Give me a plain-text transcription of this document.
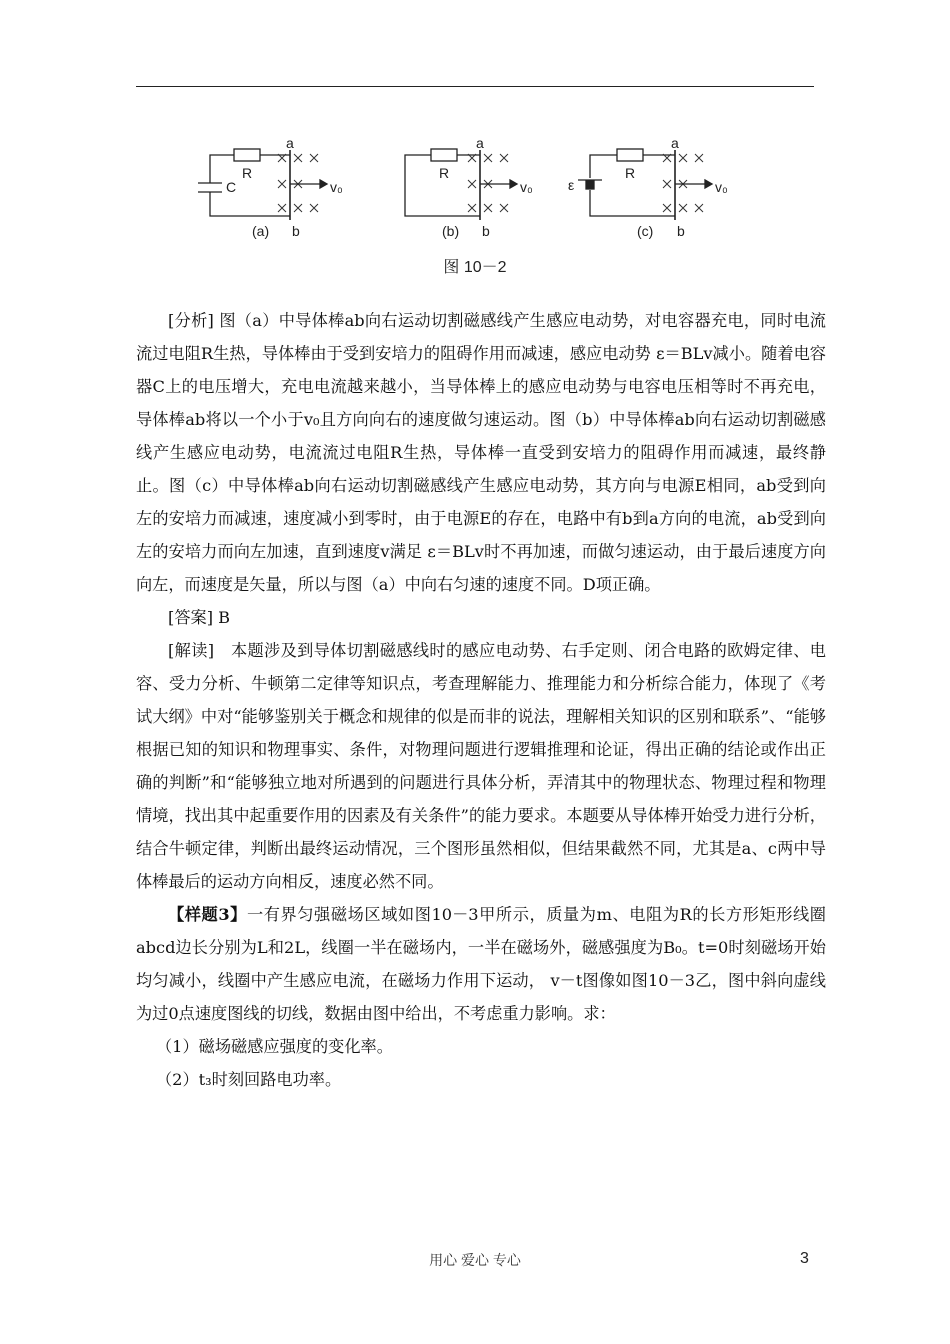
C
R
a
b
(a)
v₀
R
a
b
(b)
v₀	ε
R
a
b
(c)
v₀
图 10－2

[分析] 图（a）中导体棒ab向右运动切割磁感线产生感应电动势，对电容器充电，同时电流流过电阻R生热，导体棒由于受到安培力的阻碍作用而减速，感应电动势 ε＝BLv减小。随着电容器C上的电压增大，充电电流越来越小，当导体棒上的感应电动势与电容电压相等时不再充电，导体棒ab将以一个小于v₀且方向向右的速度做匀速运动。图（b）中导体棒ab向右运动切割磁感线产生感应电动势，电流流过电阻R生热，导体棒一直受到安培力的阻碍作用而减速，最终静止。图（c）中导体棒ab向右运动切割磁感线产生感应电动势，其方向与电源E相同，ab受到向左的安培力而减速，速度减小到零时，由于电源E的存在，电路中有b到a方向的电流，ab受到向左的安培力而向左加速，直到速度v满足 ε＝BLv时不再加速，而做匀速运动，由于最后速度方向向左，而速度是矢量，所以与图（a）中向右匀速的速度不同。D项正确。

[答案] B

[解读]　本题涉及到导体切割磁感线时的感应电动势、右手定则、闭合电路的欧姆定律、电容、受力分析、牛顿第二定律等知识点，考查理解能力、推理能力和分析综合能力，体现了《考试大纲》中对“能够鉴别关于概念和规律的似是而非的说法，理解相关知识的区别和联系”、“能够根据已知的知识和物理事实、条件，对物理问题进行逻辑推理和论证，得出正确的结论或作出正确的判断”和“能够独立地对所遇到的问题进行具体分析，弄清其中的物理状态、物理过程和物理情境，找出其中起重要作用的因素及有关条件”的能力要求。本题要从导体棒开始受力进行分析，结合牛顿定律，判断出最终运动情况，三个图形虽然相似，但结果截然不同，尤其是a、c两中导体棒最后的运动方向相反，速度必然不同。

【样题3】一有界匀强磁场区域如图10－3甲所示，质量为m、电阻为R的长方形矩形线圈abcd边长分别为L和2L，线圈一半在磁场内，一半在磁场外，磁感强度为B₀。t=0时刻磁场开始均匀减小，线圈中产生感应电流，在磁场力作用下运动， v－t图像如图10－3乙，图中斜向虚线为过0点速度图线的切线，数据由图中给出，不考虑重力影响。求：

（1）磁场磁感应强度的变化率。

（2）t₃时刻回路电功率。

用心 爱心 专心	3
